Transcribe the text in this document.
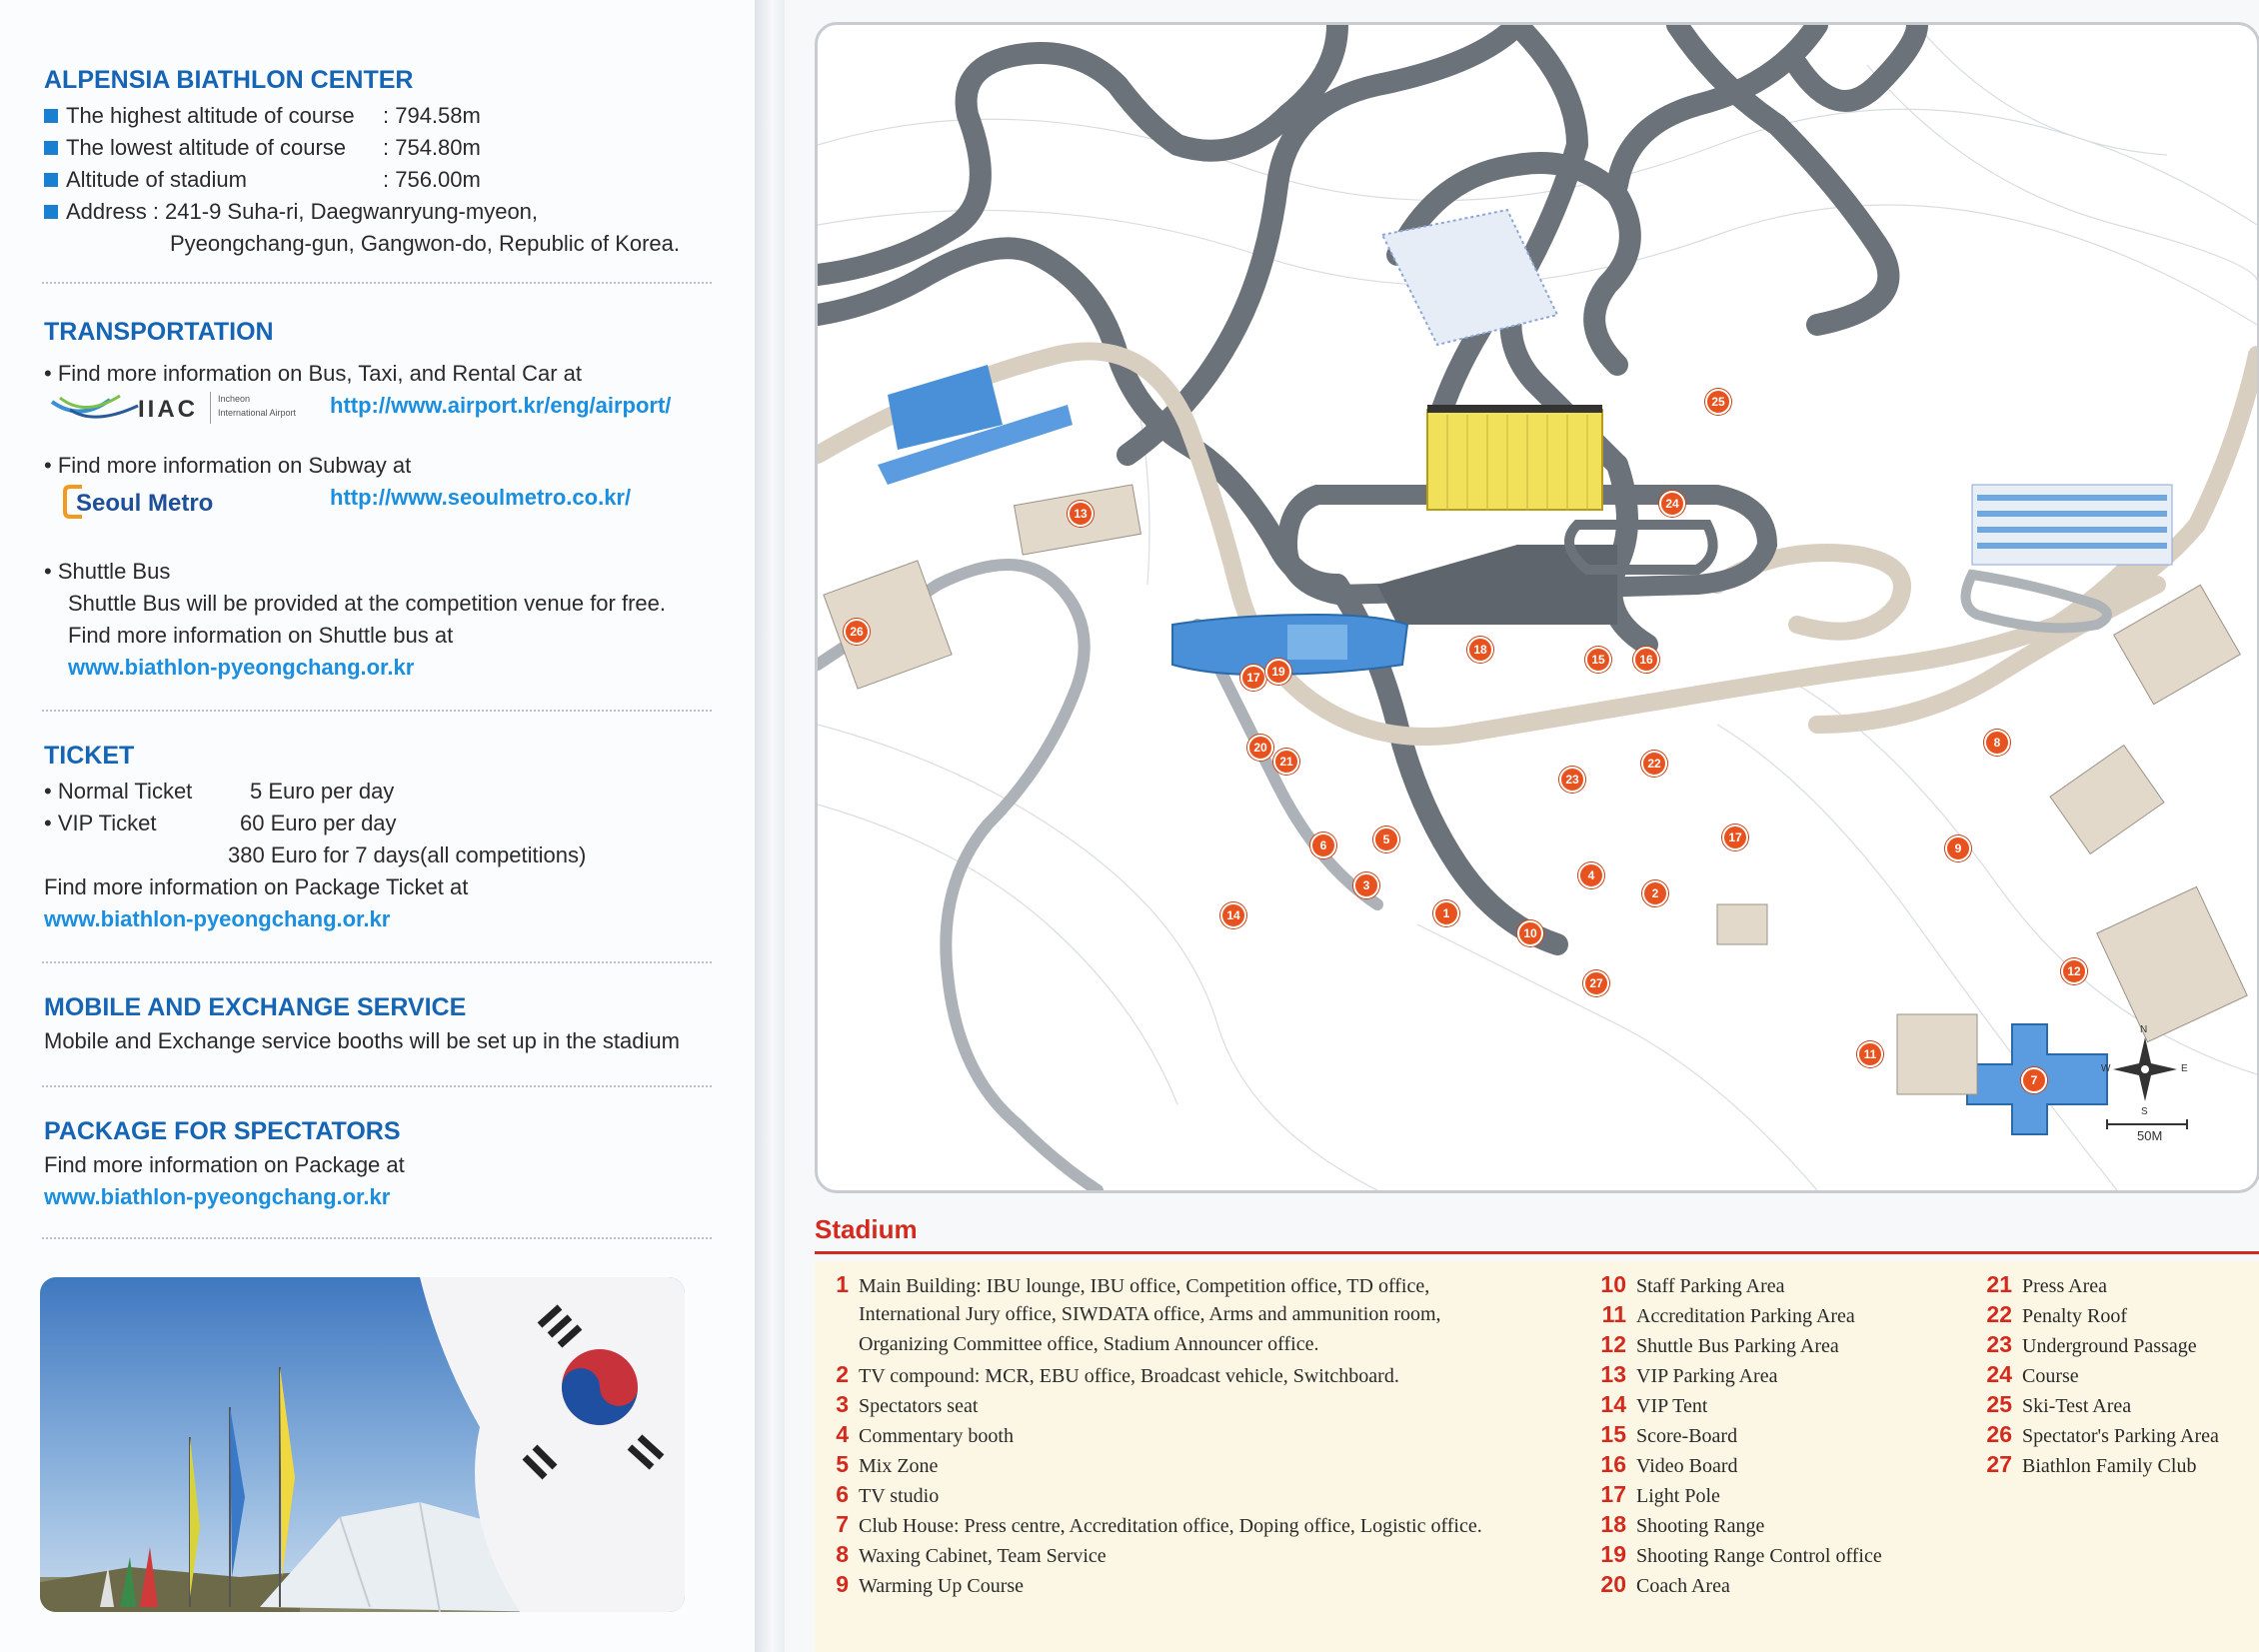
ALPENSIA BIATHLON CENTER
The highest altitude of course : 794.58m
The lowest altitude of course : 754.80m
Altitude of stadium	: 756.00m
Address : 241-9 Suha-ri, Daegwanryung-myeon,
Pyeongchang-gun, Gangwon-do, Republic of Korea.
TRANSPORTATION
• Find more information on Bus, Taxi, and Rental Car at
IIAC Incheon
International Airport http://www.airport.kr/eng/airport/
• Find more information on Subway at
Seoul Metro	http://www.seoulmetro.co.kr/
• Shuttle Bus
Shuttle Bus will be provided at the competition venue for free.
Find more information on Shuttle bus at
www.biathlon-pyeongchang.or.kr
TICKET
• Normal Ticket	5 Euro per day
• VIP Ticket	60 Euro per day
380 Euro for 7 days(all competitions)
Find more information on Package Ticket at
www.biathlon-pyeongchang.or.kr
MOBILE AND EXCHANGE SERVICE
Mobile and Exchange service booths will be set up in the stadium
PACKAGE FOR SPECTATORS
Find more information on Package at
www.biathlon-pyeongchang.or.kr
N
S
E
W
50M
1
2
3
4
5
6
7
8
9
10
11
12
13
14
15	16
17
17
18
19
20
21	22
23
24
25
26
27
Stadium
1 Main Building: IBU lounge, IBU office, Competition office, TD office,
International Jury office, SIWDATA office, Arms and ammunition room,
Organizing Committee office, Stadium Announcer office.
2 TV compound: MCR, EBU office, Broadcast vehicle, Switchboard.
3 Spectators seat
4 Commentary booth
5 Mix Zone
6 TV studio
7 Club House: Press centre, Accreditation office, Doping office, Logistic office.
8 Waxing Cabinet, Team Service
9 Warming Up Course
10 Staff Parking Area
11 Accreditation Parking Area
12 Shuttle Bus Parking Area
13 VIP Parking Area
14 VIP Tent
15 Score-Board
16 Video Board
17 Light Pole
18 Shooting Range
19 Shooting Range Control office
20 Coach Area
21 Press Area
22 Penalty Roof
23 Underground Passage
24 Course
25 Ski-Test Area
26 Spectator's Parking Area
27 Biathlon Family Club
